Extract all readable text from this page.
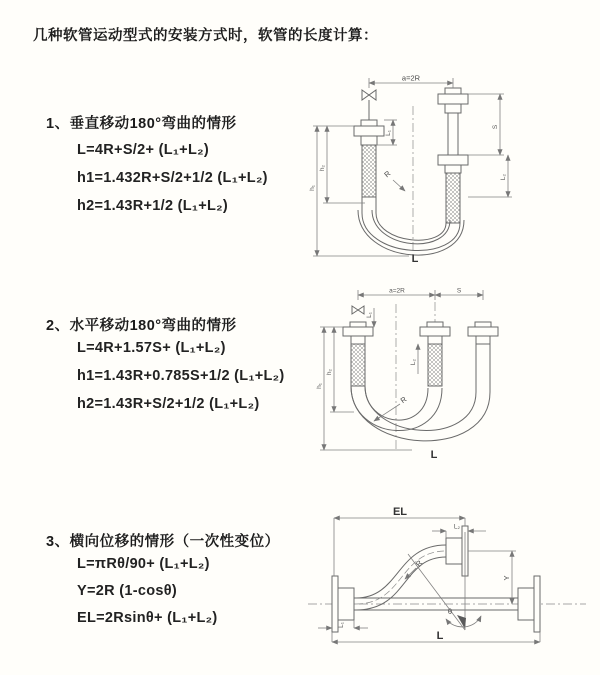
几种软管运动型式的安装方式时，软管的长度计算：
1、垂直移动180°弯曲的情形
L=4R+S/2+ (L₁+L₂)
h1=1.432R+S/2+1/2 (L₁+L₂)
h2=1.43R+1/2 (L₁+L₂)
a=2R
S
L₂
L₁
h₁
h₂
R
L
2、水平移动180°弯曲的情形
L=4R+1.57S+ (L₁+L₂)
h1=1.43R+0.785S+1/2 (L₁+L₂)
h2=1.43R+S/2+1/2 (L₁+L₂)
a=2R	S
L₁
L₂
h₁
h₂
R
L
3、横向位移的情形（一次性变位）
L=πRθ/90+ (L₁+L₂)
Y=2R (1-cosθ)
EL=2Rsinθ+ (L₁+L₂)
EL
L₂
Y
L₁
L
θ
R
